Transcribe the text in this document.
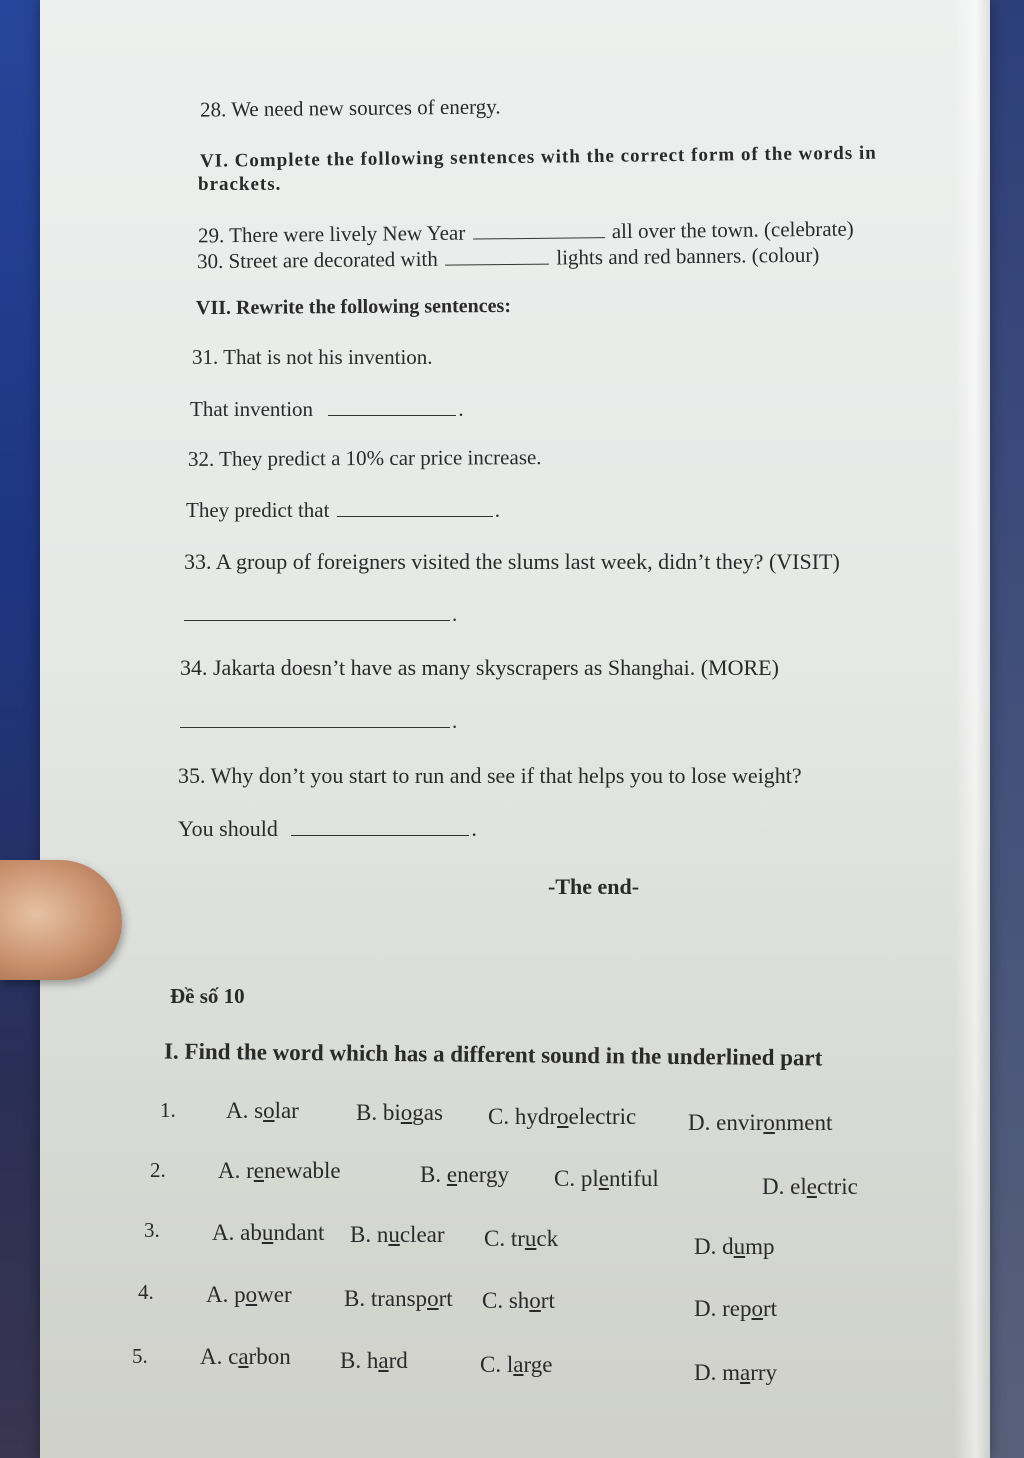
28. We need new sources of energy.
VI. Complete the following sentences with the correct form of the words in
brackets.
29. There were lively New Year	all over the town. (celebrate)
30. Street are decorated with	lights and red banners. (colour)
VII. Rewrite the following sentences:
31. That is not his invention.
That invention	.
32. They predict a 10% car price increase.
They predict that	.
33. A group of foreigners visited the slums last week, didn’t they? (VISIT)
.
34. Jakarta doesn’t have as many skyscrapers as Shanghai. (MORE)
.
35. Why don’t you start to run and see if that helps you to lose weight?
You should	.
-The end-
Đề số 10
I. Find the word which has a different sound in the underlined part
1. A. solar B. biogas C. hydroelectric D. environment
2. A. renewable	B. energy C. plentiful	D. electric
3. A. abundant B. nuclear C. truck	D. dump
4. A. power B. transport C. short	D. report
5. A. carbon B. hard	C. large	D. marry
